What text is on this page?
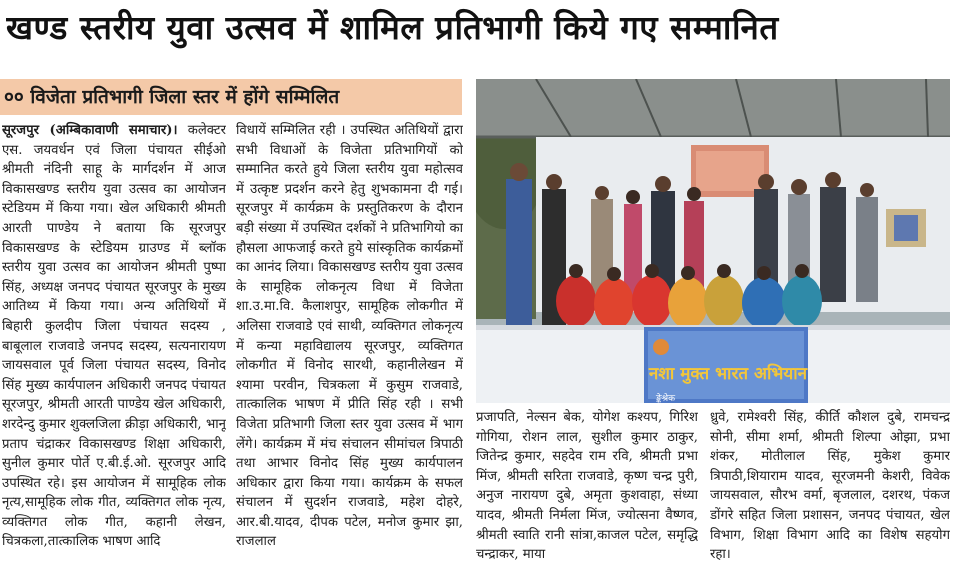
खण्ड स्तरीय युवा उत्सव में शामिल प्रतिभागी किये गए सम्मानित
०० विजेता प्रतिभागी जिला स्तर में होंगे सम्मिलित

सूरजपुर (अम्बिकावाणी समाचार)। कलेक्टर एस. जयवर्धन एवं जिला पंचायत सीईओ श्रीमती नंदिनी साहू के मार्गदर्शन में आज विकासखण्ड स्तरीय युवा उत्सव का आयोजन स्टेडियम में किया गया। खेल अधिकारी श्रीमती आरती पाण्डेय ने बताया कि सूरजपुर विकासखण्ड के स्टेडियम ग्राउण्ड में ब्लॉक स्तरीय युवा उत्सव का आयोजन श्रीमती पुष्पा सिंह, अध्यक्ष जनपद पंचायत सूरजपुर के मुख्य आतिथ्य में किया गया। अन्य अतिथियों में बिहारी कुलदीप जिला पंचायत सदस्य , बाबूलाल राजवाडे जनपद सदस्य, सत्यनारायण जायसवाल पूर्व जिला पंचायत सदस्य, विनोद सिंह मुख्य कार्यपालन अधिकारी जनपद पंचायत सूरजपुर, श्रीमती आरती पाण्डेय खेल अधिकारी, शरदेन्दु कुमार शुक्लजिला क्रीड़ा अधिकारी, भानू प्रताप चंद्राकर विकासखण्ड शिक्षा अधिकारी, सुनील कुमार पोर्ते ए.बी.ई.ओ. सूरजपुर आदि उपस्थित रहे। इस आयोजन में सामूहिक लोक नृत्य,सामूहिक लोक गीत, व्यक्तिगत लोक नृत्य, व्यक्तिगत लोक गीत, कहानी लेखन, चित्रकला,तात्कालिक भाषण आदि

विधायें सम्मिलित रही । उपस्थित अतिथियों द्वारा सभी विधाओं के विजेता प्रतिभागियों को सम्मानित करते हुये जिला स्तरीय युवा महोत्सव में उत्कृष्ट प्रदर्शन करने हेतु शुभकामना दी गई। सूरजपुर में कार्यक्रम के प्रस्तुतिकरण के दौरान बड़ी संख्या में उपस्थित दर्शकों ने प्रतिभागियो का हौसला आफजाई करते हुये सांस्कृतिक कार्यक्रमों का आनंद लिया। विकासखण्ड स्तरीय युवा उत्सव के सामूहिक लोकनृत्य विधा में विजेता शा.उ.मा.वि. कैलाशपुर, सामूहिक लोकगीत में अलिसा राजवाडे एवं साथी, व्यक्तिगत लोकनृत्य में कन्या महाविद्यालय सूरजपुर, व्यक्तिगत लोकगीत में विनोद सारथी, कहानीलेखन में श्यामा परवीन, चित्रकला में कुसुम राजवाडे, तात्कालिक भाषण में प्रीति सिंह रही । सभी विजेता प्रतिभागी जिला स्तर युवा उत्सव में भाग लेंगे। कार्यक्रम में मंच संचालन सीमांचल त्रिपाठी तथा आभार विनोद सिंह मुख्य कार्यपालन अधिकार द्वारा किया गया। कार्यक्रम के सफल संचालन में सुदर्शन राजवाडे, महेश दोहरे, आर.बी.यादव, दीपक पटेल, मनोज कुमार झा, राजलाल

नशा मुक्त भारत अभियान
ङ्केश्रेक

प्रजापति, नेल्सन बेक, योगेश कश्यप, गिरिश गोगिया, रोशन लाल, सुशील कुमार ठाकुर, जितेन्द्र कुमार, सहदेव राम रवि, श्रीमती प्रभा मिंज, श्रीमती सरिता राजवाडे, कृष्ण चन्द्र पुरी, अनुज नारायण दुबे, अमृता कुशवाहा, संध्या यादव, श्रीमती निर्मला मिंज, ज्योत्सना वैष्णव, श्रीमती स्वाति रानी सांत्रा,काजल पटेल, समृद्धि चन्द्राकर, माया

ध्रुवे, रामेश्वरी सिंह, कीर्ति कौशल दुबे, रामचन्द्र सोनी, सीमा शर्मा, श्रीमती शिल्पा ओझा, प्रभा शंकर, मोतीलाल सिंह, मुकेश कुमार त्रिपाठी,शियाराम यादव, सूरजमनी केशरी, विवेक जायसवाल, सौरभ वर्मा, बृजलाल, दशरथ, पंकज डोंगरे सहित जिला प्रशासन, जनपद पंचायत, खेल विभाग, शिक्षा विभाग आदि का विशेष सहयोग रहा।
